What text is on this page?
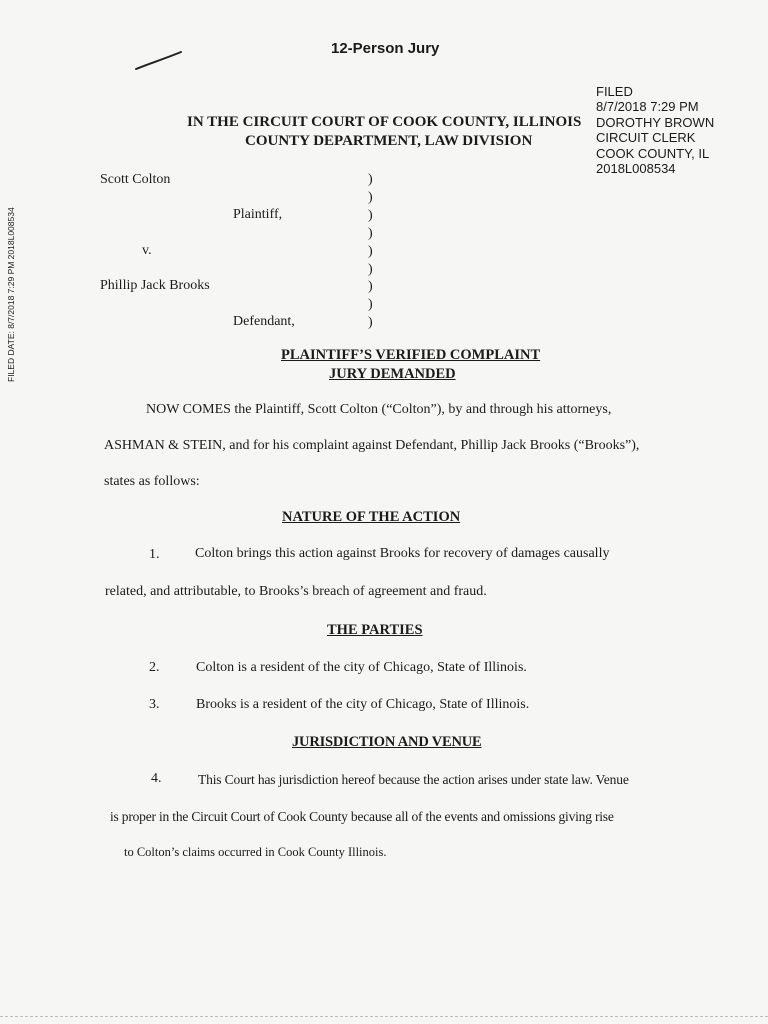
FILED DATE: 8/7/2018 7:29 PM 2018L008534
12-Person Jury
FILED
8/7/2018 7:29 PM
DOROTHY BROWN
CIRCUIT CLERK
COOK COUNTY, IL
2018L008534
IN THE CIRCUIT COURT OF COOK COUNTY, ILLINOIS
COUNTY DEPARTMENT, LAW DIVISION
Scott Colton
Plaintiff,
v.
Phillip Jack Brooks
Defendant,
)
)
)
)
)
)
)
)
)
PLAINTIFF’S VERIFIED COMPLAINT
JURY DEMANDED
NOW COMES the Plaintiff, Scott Colton (“Colton”), by and through his attorneys,
ASHMAN & STEIN, and for his complaint against Defendant, Phillip Jack Brooks (“Brooks”),
states as follows:
NATURE OF THE ACTION
1.	Colton brings this action against Brooks for recovery of damages causally
related, and attributable, to Brooks’s breach of agreement and fraud.
THE PARTIES
2.	Colton is a resident of the city of Chicago, State of Illinois.
3.	Brooks is a resident of the city of Chicago, State of Illinois.
JURISDICTION AND VENUE
4.	This Court has jurisdiction hereof because the action arises under state law. Venue
is proper in the Circuit Court of Cook County because all of the events and omissions giving rise
to Colton’s claims occurred in Cook County Illinois.
